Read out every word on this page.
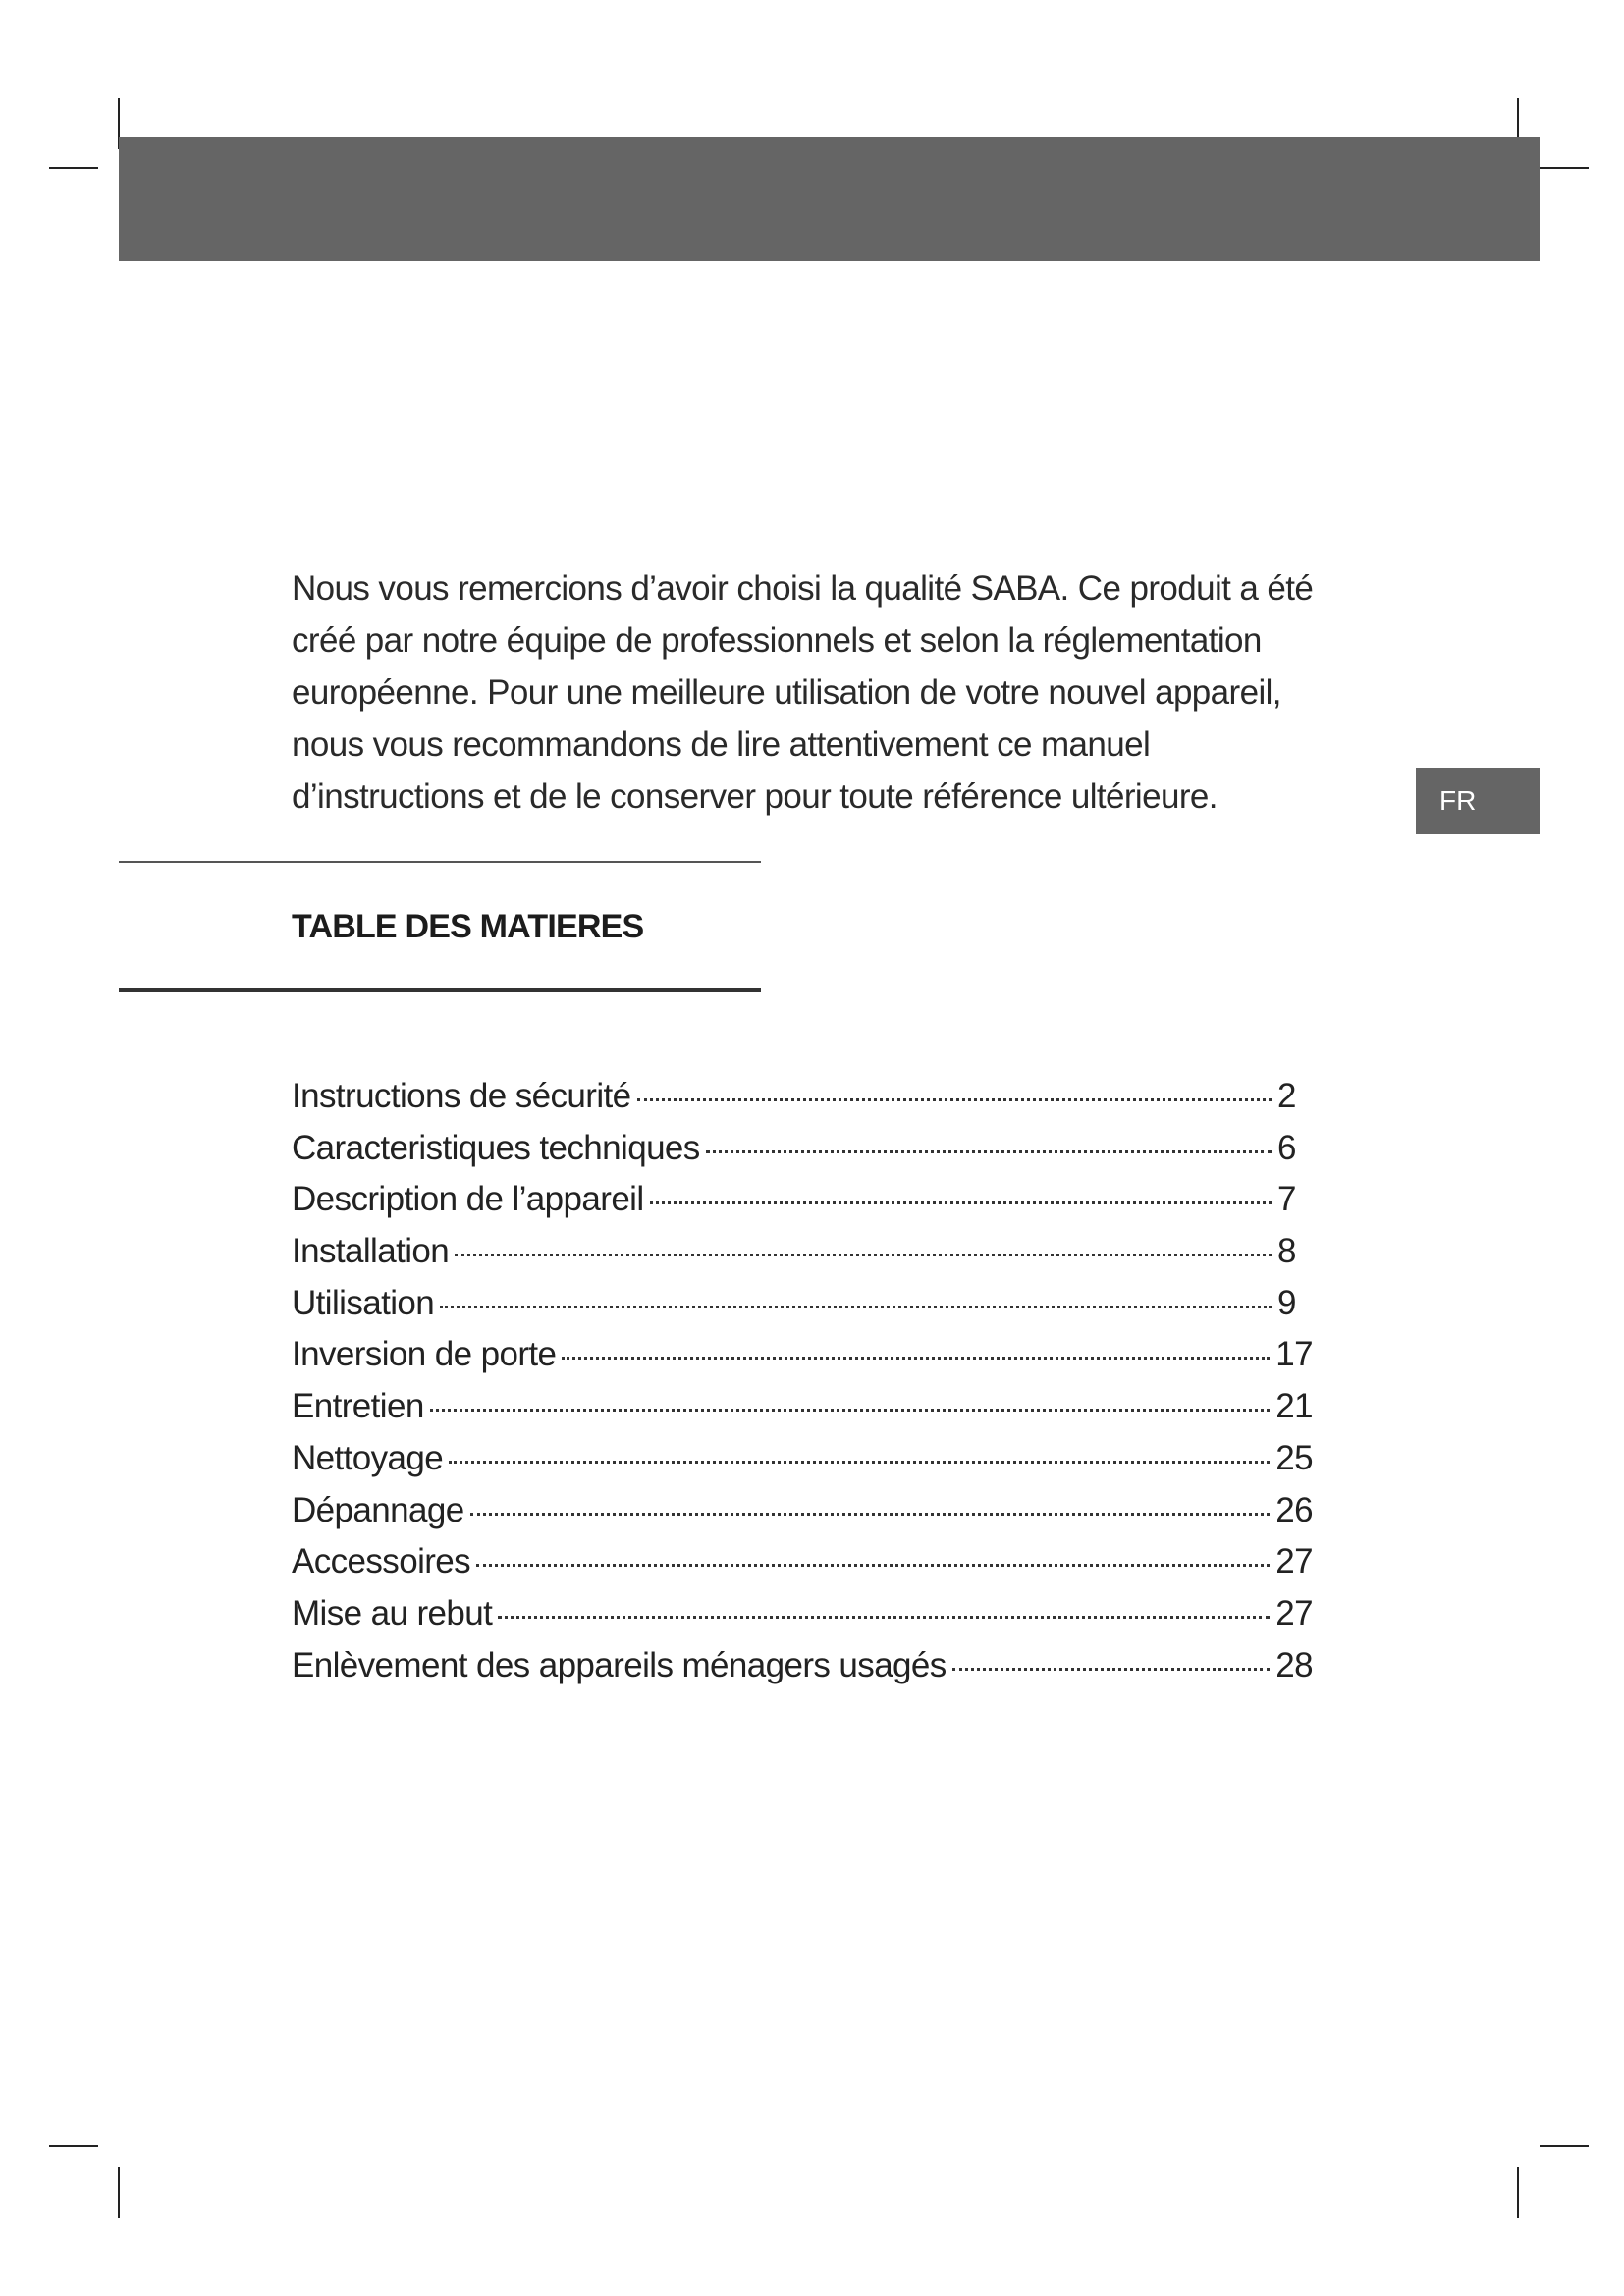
FR

Nous vous remercions d’avoir choisi la qualité SABA. Ce produit a été créé par notre équipe de professionnels et selon la réglementation européenne. Pour une meilleure utilisation de votre nouvel appareil, nous vous recommandons de lire attentivement ce manuel d’instructions et de le conserver pour toute référence ultérieure.

TABLE DES MATIERES
Instructions de sécurité	2
Caracteristiques techniques	6
Description de l’appareil	7
Installation	8
Utilisation	9
Inversion de porte	17
Entretien	21
Nettoyage	25
Dépannage	26
Accessoires	27
Mise au rebut	27
Enlèvement des appareils ménagers usagés	28
